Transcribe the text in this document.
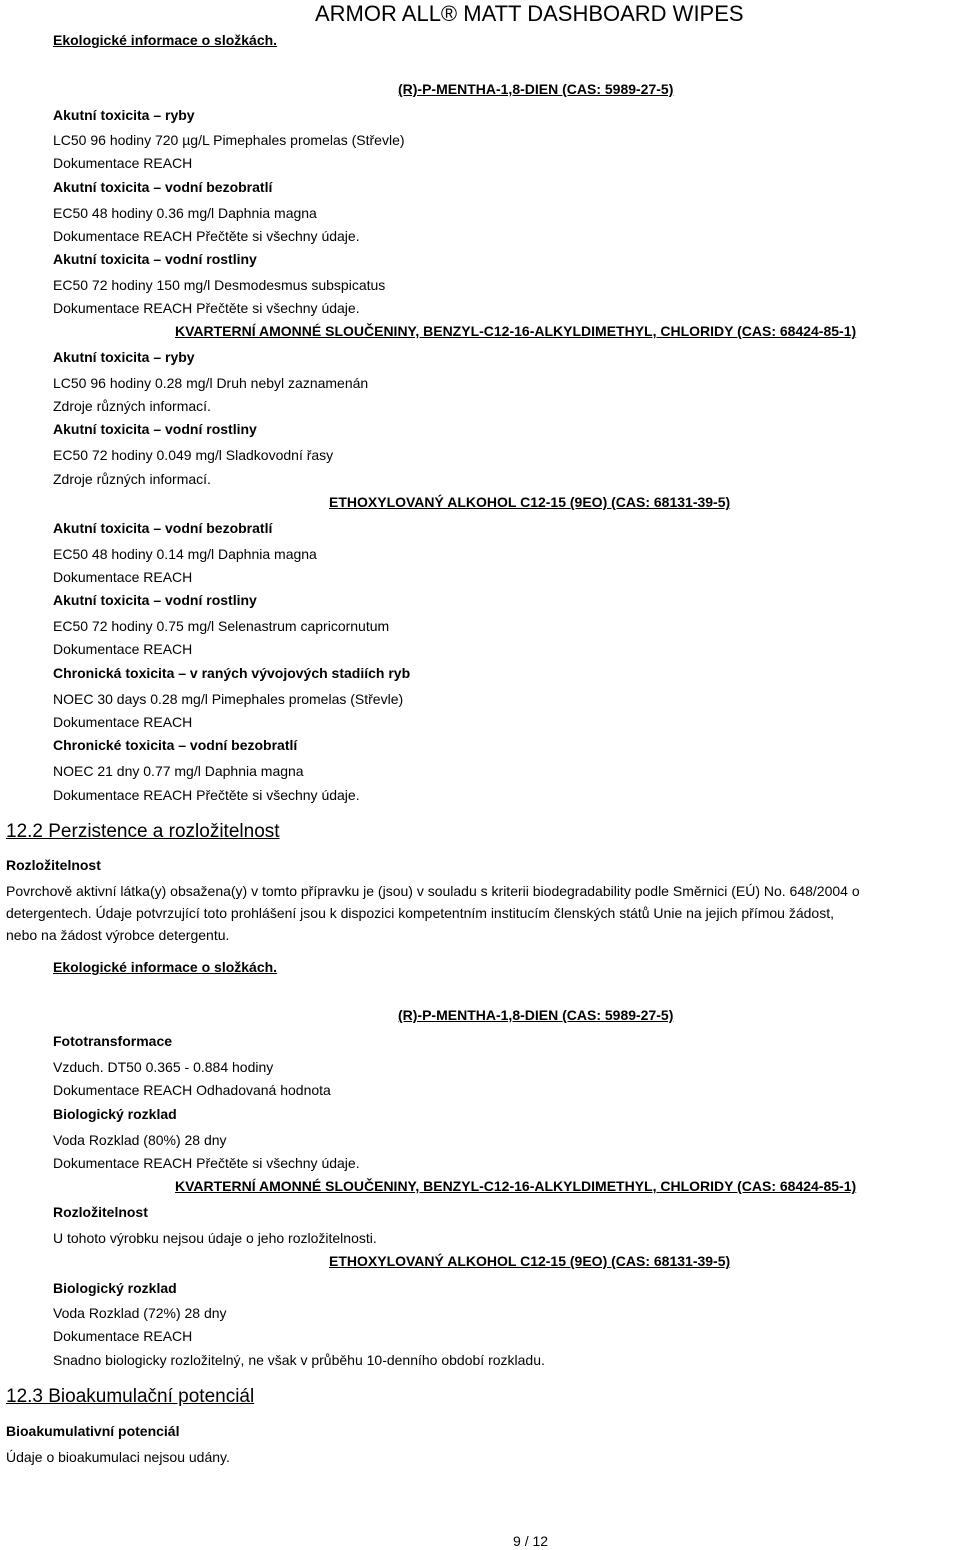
Ekologické informace o složkách.
ARMOR ALL® MATT DASHBOARD WIPES
(R)-P-MENTHA-1,8-DIEN (CAS: 5989-27-5)
Akutní toxicita – ryby
LC50 96 hodiny 720 µg/L Pimephales promelas (Střevle)
Dokumentace REACH
Akutní toxicita – vodní bezobratlí
EC50 48 hodiny 0.36 mg/l Daphnia magna
Dokumentace REACH Přečtěte si všechny údaje.
Akutní toxicita – vodní rostliny
EC50 72 hodiny 150 mg/l Desmodesmus subspicatus
Dokumentace REACH Přečtěte si všechny údaje.
KVARTERNÍ AMONNÉ SLOUČENINY, BENZYL-C12-16-ALKYLDIMETHYL, CHLORIDY (CAS: 68424-85-1)
Akutní toxicita – ryby
LC50 96 hodiny 0.28 mg/l Druh nebyl zaznamenán
Zdroje různých informací.
Akutní toxicita – vodní rostliny
EC50 72 hodiny 0.049 mg/l Sladkovodní řasy
Zdroje různých informací.
ETHOXYLOVANÝ ALKOHOL C12-15 (9EO) (CAS: 68131-39-5)
Akutní toxicita – vodní bezobratlí
EC50 48 hodiny 0.14 mg/l Daphnia magna
Dokumentace REACH
Akutní toxicita – vodní rostliny
EC50 72 hodiny 0.75 mg/l Selenastrum capricornutum
Dokumentace REACH
Chronická toxicita – v raných vývojových stadiích ryb
NOEC 30 days 0.28 mg/l Pimephales promelas (Střevle)
Dokumentace REACH
Chronické toxicita – vodní bezobratlí
NOEC 21 dny 0.77 mg/l Daphnia magna
Dokumentace REACH Přečtěte si všechny údaje.
12.2 Perzistence a rozložitelnost
Rozložitelnost
Povrchově aktivní látka(y) obsažena(y) v tomto přípravku je (jsou) v souladu s kriterii biodegradability podle Směrnici (EÚ) No. 648/2004 o
detergentech. Údaje potvrzující toto prohlášení jsou k dispozici kompetentním institucím členských států Unie na jejich přímou žádost,
nebo na žádost výrobce detergentu.
Ekologické informace o složkách.
(R)-P-MENTHA-1,8-DIEN (CAS: 5989-27-5)
Fototransformace
Vzduch. DT50 0.365 - 0.884 hodiny
Dokumentace REACH Odhadovaná hodnota
Biologický rozklad
Voda Rozklad (80%) 28 dny
Dokumentace REACH Přečtěte si všechny údaje.
KVARTERNÍ AMONNÉ SLOUČENINY, BENZYL-C12-16-ALKYLDIMETHYL, CHLORIDY (CAS: 68424-85-1)
Rozložitelnost
U tohoto výrobku nejsou údaje o jeho rozložitelnosti.
ETHOXYLOVANÝ ALKOHOL C12-15 (9EO) (CAS: 68131-39-5)
Biologický rozklad
Voda Rozklad (72%) 28 dny
Dokumentace REACH
Snadno biologicky rozložitelný, ne však v průběhu 10-denního období rozkladu.
12.3 Bioakumulační potenciál
Bioakumulativní potenciál
Údaje o bioakumulaci nejsou udány.
9 / 12
